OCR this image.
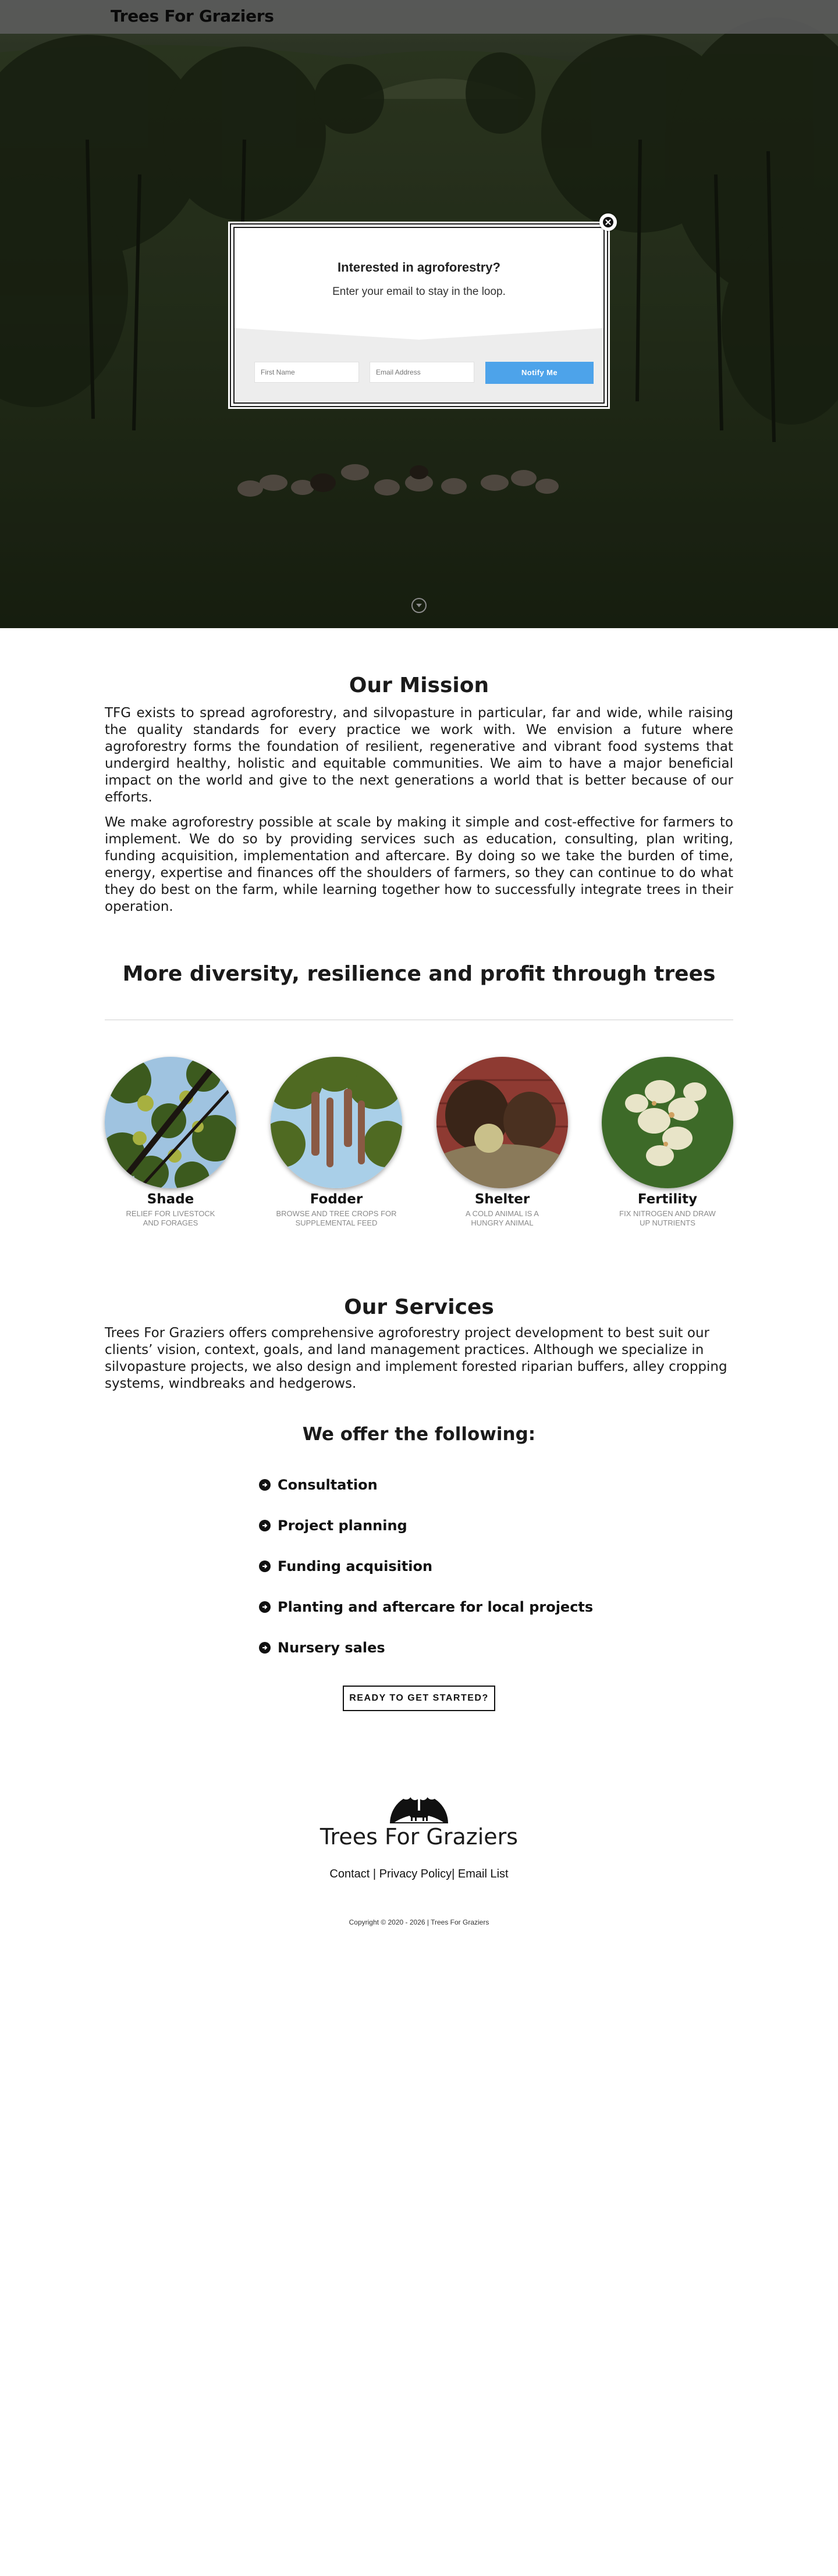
Trees For Graziers
Interested in agroforestry?
Enter your email to stay in the loop.
First Name
Email Address
Notify Me
Our Mission

TFG exists to spread agroforestry, and silvopasture in particular, far and wide, while raising the quality standards for every practice we work with. We envision a future where agroforestry forms the foundation of resilient, regenerative and vibrant food systems that undergird healthy, holistic and equitable communities. We aim to have a major beneficial impact on the world and give to the next generations a world that is better because of our efforts.

We make agroforestry possible at scale by making it simple and cost-effective for farmers to implement. We do so by providing services such as education, consulting, plan writing, funding acquisition, implementation and aftercare. By doing so we take the burden of time, energy, expertise and finances off the shoulders of farmers, so they can continue to do what they do best on the farm, while learning together how to successfully integrate trees in their operation.

More diversity, resilience and profit through trees
Shade
RELIEF FOR LIVESTOCK AND FORAGES
Fodder
BROWSE AND TREE CROPS FOR SUPPLEMENTAL FEED
Shelter
A COLD ANIMAL IS A HUNGRY ANIMAL
Fertility
FIX NITROGEN AND DRAW UP NUTRIENTS
Our Services

Trees For Graziers offers comprehensive agroforestry project development to best suit our clients’ vision, context, goals, and land management practices. Although we specialize in silvopasture projects, we also design and implement forested riparian buffers, alley cropping systems, windbreaks and hedgerows.

We offer the following:
Consultation
Project planning
Funding acquisition
Planting and aftercare for local projects
Nursery sales
READY TO GET STARTED?
Trees For Graziers
Contact | Privacy Policy| Email List
Copyright © 2020 - 2026 | Trees For Graziers
